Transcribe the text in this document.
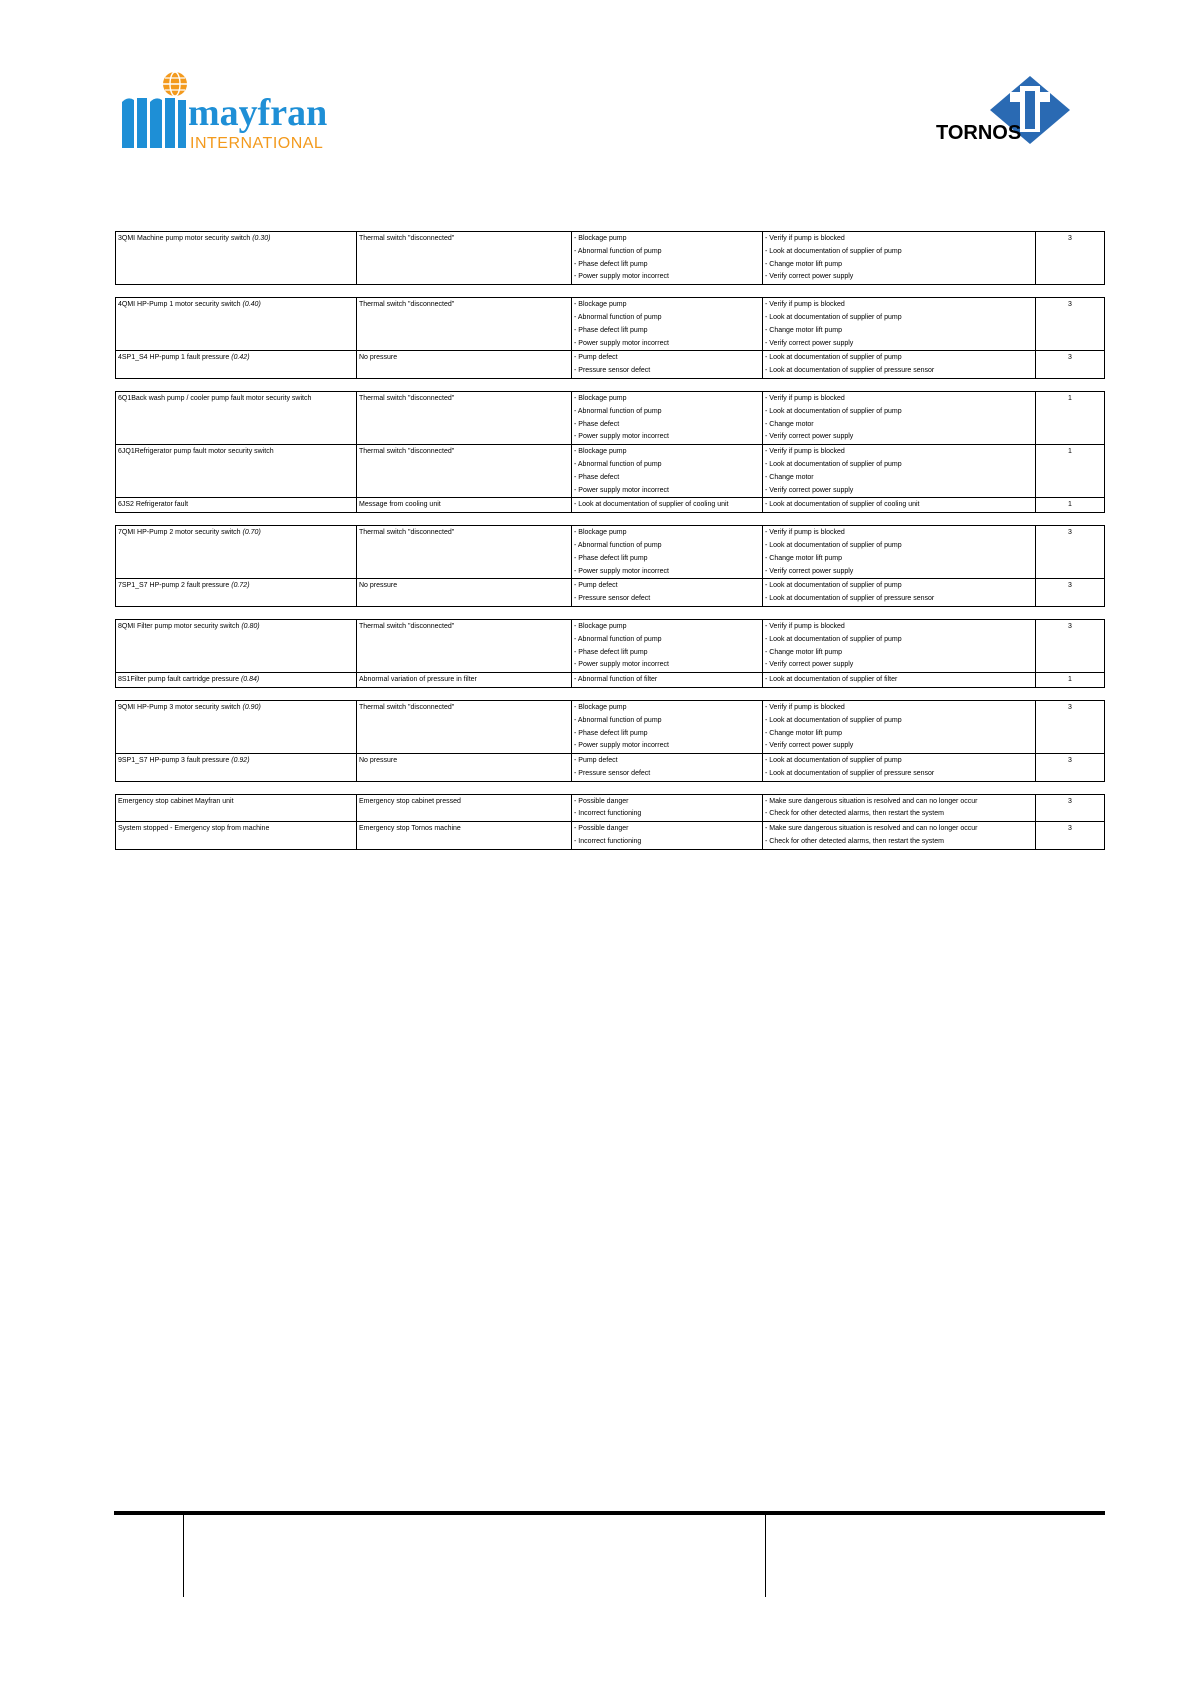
mayfran
INTERNATIONAL	TORNOS
3QMI Machine pump motor security switch (0.30)	Thermal switch "disconnected"	- Blockage pump
- Abnormal function of pump
- Phase defect lift pump
- Power supply motor incorrect

- Verify if pump is blocked
- Look at documentation of supplier of pump
- Change motor lift pump
- Verify correct power supply
	3
4QMI HP-Pump 1 motor security switch (0.40)	Thermal switch "disconnected"	- Blockage pump
- Abnormal function of pump
- Phase defect lift pump
- Power supply motor incorrect	- Verify if pump is blocked
- Look at documentation of supplier of pump
- Change motor lift pump
- Verify correct power supply	3
4SP1_S4 HP-pump 1 fault pressure (0.42)	No pressure	- Pump defect
- Pressure sensor defect	- Look at documentation of supplier of pump
- Look at documentation of supplier of pressure sensor	3
6Q1Back wash pump / cooler pump fault motor security switch	Thermal switch "disconnected"	- Blockage pump
- Abnormal function of pump
- Phase defect
- Power supply motor incorrect	- Verify if pump is blocked
- Look at documentation of supplier of pump
- Change motor
- Verify correct power supply	1
6JQ1Refrigerator pump fault motor security switch	Thermal switch "disconnected"	- Blockage pump
- Abnormal function of pump
- Phase defect
- Power supply motor incorrect	- Verify if pump is blocked
- Look at documentation of supplier of pump
- Change motor
- Verify correct power supply	1
6JS2 Refrigerator fault	Message from cooling unit	- Look at documentation of supplier of cooling unit	- Look at documentation of supplier of cooling unit	1
7QMI HP-Pump 2 motor security switch (0.70)	Thermal switch "disconnected"	- Blockage pump
- Abnormal function of pump
- Phase defect lift pump
- Power supply motor incorrect	- Verify if pump is blocked
- Look at documentation of supplier of pump
- Change motor lift pump
- Verify correct power supply	3
7SP1_S7 HP-pump 2 fault pressure (0.72)	No pressure	- Pump defect
- Pressure sensor defect	- Look at documentation of supplier of pump
- Look at documentation of supplier of pressure sensor	3
8QMI Filter pump motor security switch (0.80)	Thermal switch "disconnected"	- Blockage pump
- Abnormal function of pump
- Phase defect lift pump
- Power supply motor incorrect	- Verify if pump is blocked
- Look at documentation of supplier of pump
- Change motor lift pump
- Verify correct power supply	3
8S1Filter pump fault cartridge pressure (0.84)	Abnormal variation of pressure in filter	- Abnormal function of filter	- Look at documentation of supplier of filter	1
9QMI HP-Pump 3 motor security switch (0.90)	Thermal switch "disconnected"	- Blockage pump
- Abnormal function of pump
- Phase defect lift pump
- Power supply motor incorrect	- Verify if pump is blocked
- Look at documentation of supplier of pump
- Change motor lift pump
- Verify correct power supply	3
9SP1_S7 HP-pump 3 fault pressure (0.92)	No pressure	- Pump defect
- Pressure sensor defect	- Look at documentation of supplier of pump
- Look at documentation of supplier of pressure sensor	3
Emergency stop cabinet Mayfran unit	Emergency stop cabinet pressed	- Possible danger
- Incorrect functioning	- Make sure dangerous situation is resolved and can no longer occur
- Check for other detected alarms, then restart the system	3
System stopped - Emergency stop from machine	Emergency stop Tornos machine	- Possible danger
- Incorrect functioning	- Make sure dangerous situation is resolved and can no longer occur
- Check for other detected alarms, then restart the system	3
